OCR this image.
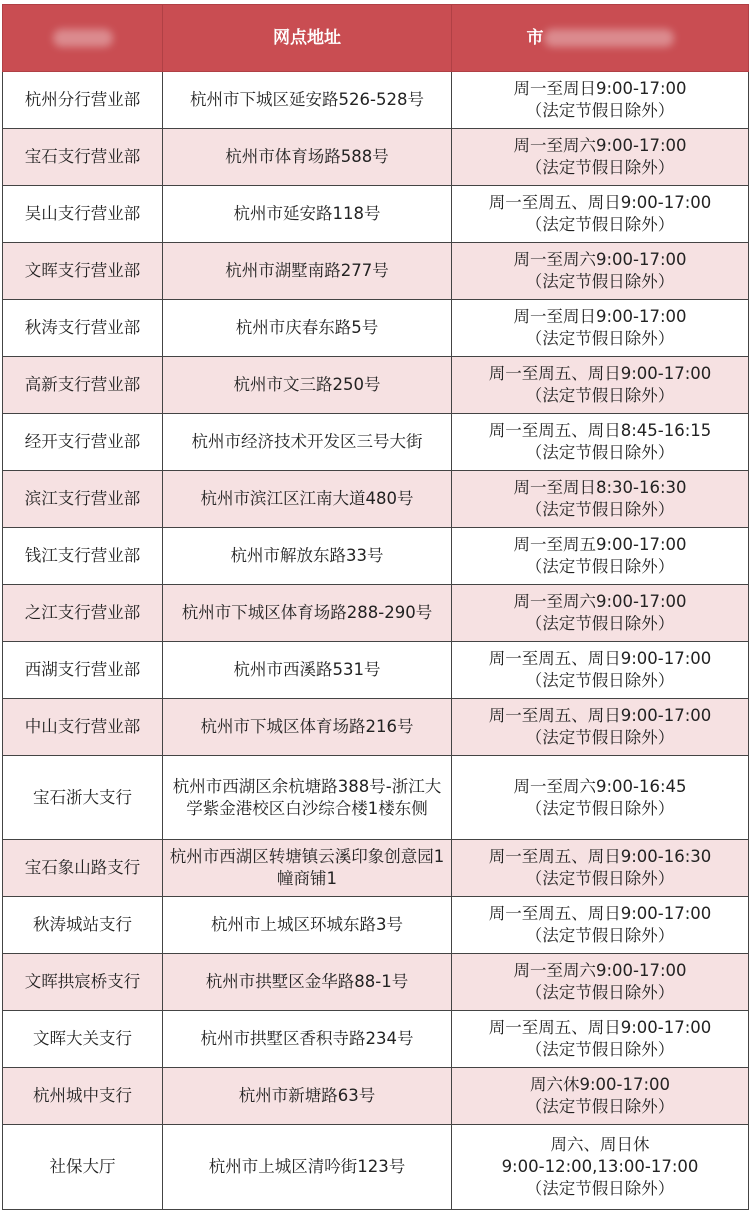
	网点地址	市
杭州分行营业部	杭州市下城区延安路526-528号	周一至周日9:00-17:00
（法定节假日除外）

宝石支行营业部	杭州市体育场路588号	周一至周六9:00-17:00
（法定节假日除外）

吴山支行营业部	杭州市延安路118号	周一至周五、周日9:00-17:00
（法定节假日除外）

文晖支行营业部	杭州市湖墅南路277号	周一至周六9:00-17:00
（法定节假日除外）

秋涛支行营业部	杭州市庆春东路5号	周一至周日9:00-17:00
（法定节假日除外）

高新支行营业部	杭州市文三路250号	周一至周五、周日9:00-17:00
（法定节假日除外）

经开支行营业部	杭州市经济技术开发区三号大街	周一至周五、周日8:45-16:15
（法定节假日除外）

滨江支行营业部	杭州市滨江区江南大道480号	周一至周日8:30-16:30
（法定节假日除外）

钱江支行营业部	杭州市解放东路33号	周一至周五9:00-17:00
（法定节假日除外）

之江支行营业部	杭州市下城区体育场路288-290号	周一至周六9:00-17:00
（法定节假日除外）

西湖支行营业部	杭州市西溪路531号	周一至周五、周日9:00-17:00
（法定节假日除外）

中山支行营业部	杭州市下城区体育场路216号	周一至周五、周日9:00-17:00
（法定节假日除外）

宝石浙大支行	杭州市西湖区余杭塘路388号-浙江大学紫金港校区白沙综合楼1楼东侧	周一至周六9:00-16:45
（法定节假日除外）

宝石象山路支行	杭州市西湖区转塘镇云溪印象创意园1幢商铺1	周一至周五、周日9:00-16:30
（法定节假日除外）

秋涛城站支行	杭州市上城区环城东路3号	周一至周五、周日9:00-17:00
（法定节假日除外）

文晖拱宸桥支行	杭州市拱墅区金华路88-1号	周一至周六9:00-17:00
（法定节假日除外）

文晖大关支行	杭州市拱墅区香积寺路234号	周一至周五、周日9:00-17:00
（法定节假日除外）

杭州城中支行	杭州市新塘路63号	周六休9:00-17:00
（法定节假日除外）

社保大厅	杭州市上城区清吟街123号	周六、周日休
9:00-12:00,13:00-17:00
（法定节假日除外）
